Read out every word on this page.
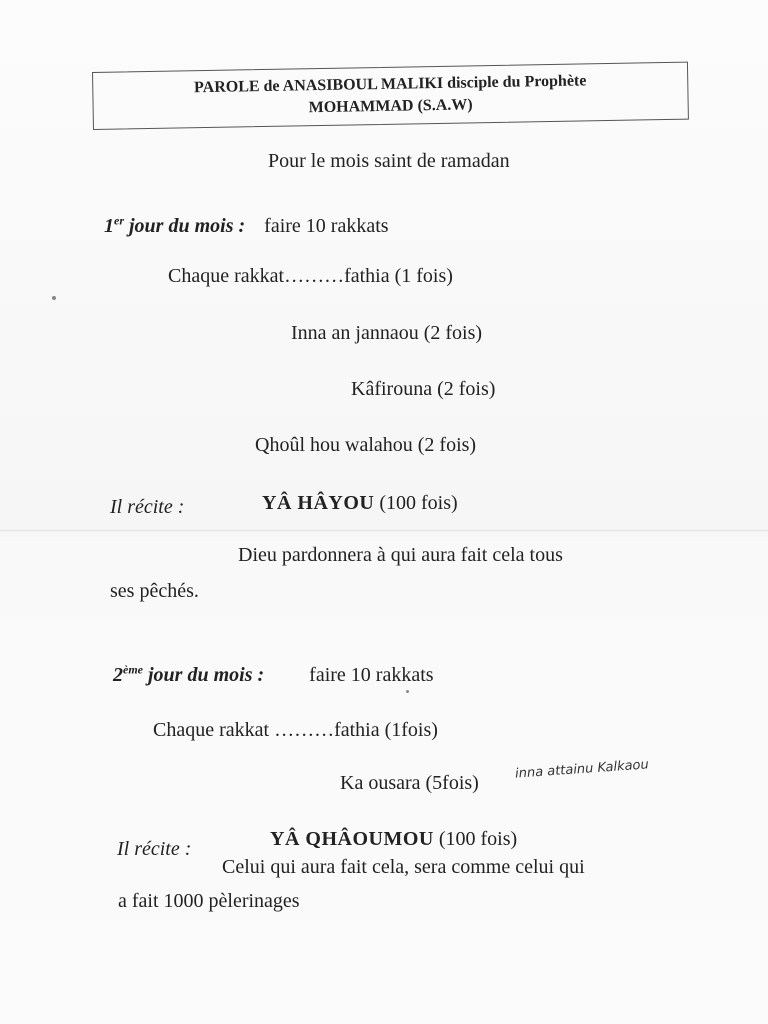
PAROLE de ANASIBOUL MALIKI disciple du Prophète
MOHAMMAD (S.A.W)
Pour le mois saint de ramadan
1er jour du mois : faire 10 rakkats
Chaque rakkat………fathia (1 fois)
Inna an jannaou (2 fois)
Kâfirouna (2 fois)
Qhoûl hou walahou (2 fois)
Il récite :	YÂ HÂYOU (100 fois)
Dieu pardonnera à qui aura fait cela tous
ses pêchés.
2ème jour du mois : faire 10 rakkats
Chaque rakkat ………fathia (1fois)
Ka ousara (5fois)
inna attainu Kalkaou
Il récite :	YÂ QHÂOUMOU (100 fois)
Celui qui aura fait cela, sera comme celui qui
a fait 1000 pèlerinages
